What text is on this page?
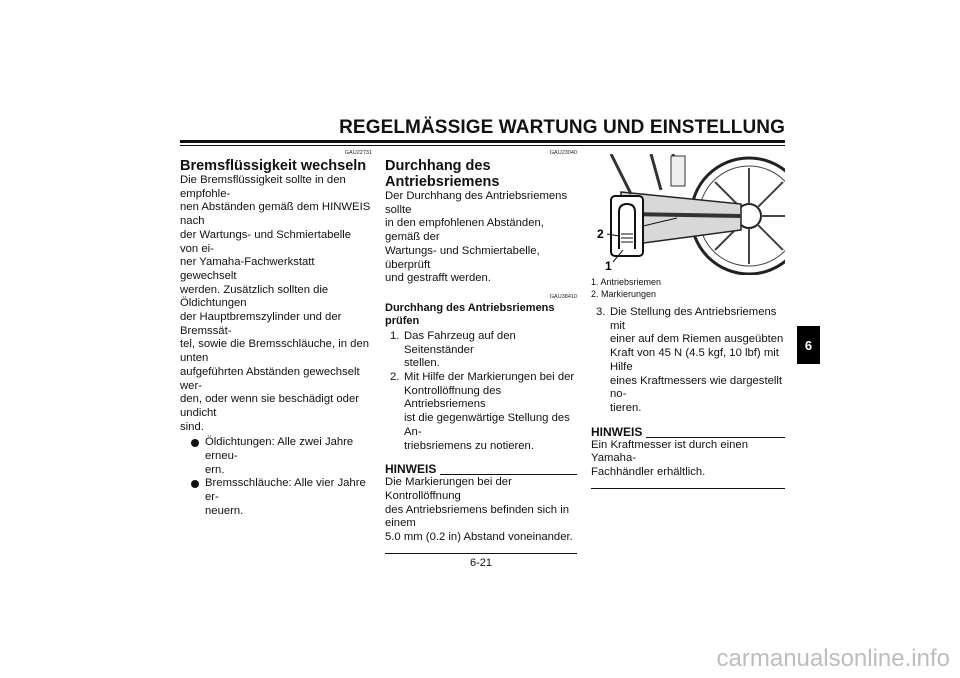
REGELMÄSSIGE WARTUNG UND EINSTELLUNG
GAU22731
Bremsflüssigkeit wechseln
Die Bremsflüssigkeit sollte in den empfohle-
nen Abständen gemäß dem HINWEIS nach
der Wartungs- und Schmiertabelle von ei-
ner Yamaha-Fachwerkstatt gewechselt
werden. Zusätzlich sollten die Öldichtungen
der Hauptbremszylinder und der Bremssät-
tel, sowie die Bremsschläuche, in den unten
aufgeführten Abständen gewechselt wer-
den, oder wenn sie beschädigt oder undicht
sind.
Öldichtungen: Alle zwei Jahre erneu-
ern.
Bremsschläuche: Alle vier Jahre er-
neuern.
GAU23040
Durchhang des Antriebsriemens
Der Durchhang des Antriebsriemens sollte
in den empfohlenen Abständen, gemäß der
Wartungs- und Schmiertabelle, überprüft
und gestrafft werden.
GAU38410
Durchhang des Antriebsriemens prüfen
1. Das Fahrzeug auf den Seitenständer
stellen.
2. Mit Hilfe der Markierungen bei der
Kontrollöffnung des Antriebsriemens
ist die gegenwärtige Stellung des An-
triebsriemens zu notieren.
HINWEIS
Die Markierungen bei der Kontrollöffnung
des Antriebsriemens befinden sich in einem
5.0 mm (0.2 in) Abstand voneinander.
2
1
1. Antriebsriemen
2. Markierungen
3. Die Stellung des Antriebsriemens mit
einer auf dem Riemen ausgeübten
Kraft von 45 N (4.5 kgf, 10 lbf) mit Hilfe
eines Kraftmessers wie dargestellt no-
tieren.
HINWEIS
Ein Kraftmesser ist durch einen Yamaha-
Fachhändler erhältlich.
6
6-21
carmanualsonline.info
